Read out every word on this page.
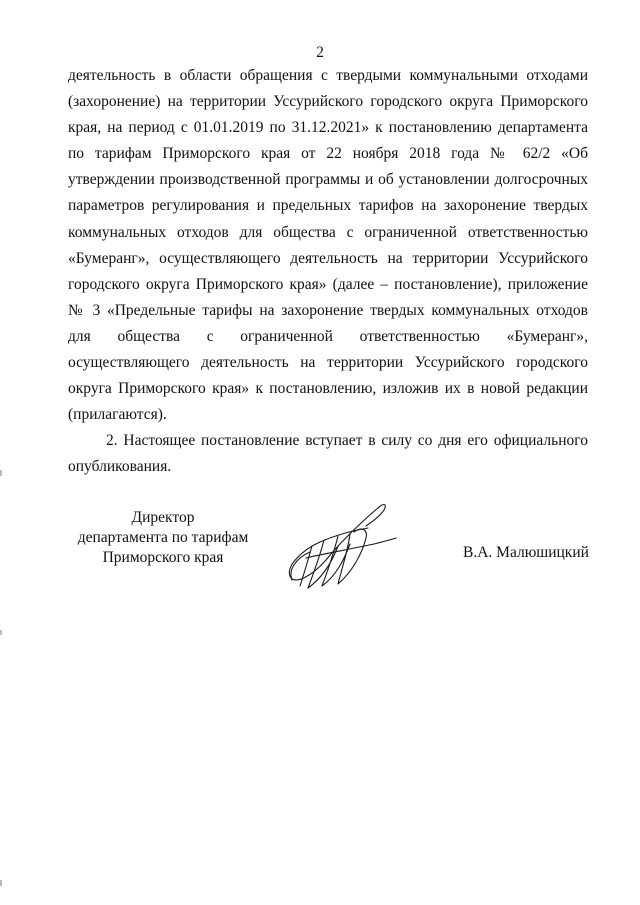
2

деятельность в области обращения с твердыми коммунальными отходами (захоронение) на территории Уссурийского городского округа Приморского края, на период с 01.01.2019 по 31.12.2021» к постановлению департамента по тарифам Приморского края от 22 ноября 2018 года № 62/2 «Об утверждении производственной программы и об установлении долгосрочных параметров регулирования и предельных тарифов на захоронение твердых коммунальных отходов для общества с ограниченной ответственностью «Бумеранг», осуществляющего деятельность на территории Уссурийского городского округа Приморского края» (далее – постановление), приложение № 3 «Предельные тарифы на захоронение твердых коммунальных отходов для общества с ограниченной ответственностью «Бумеранг», осуществляющего деятельность на территории Уссурийского городского округа Приморского края» к постановлению, изложив их в новой редакции (прилагаются).

2. Настоящее постановление вступает в силу со дня его официального опубликования.

Директор
департамента по тарифам
Приморского края	В.А. Малюшицкий
